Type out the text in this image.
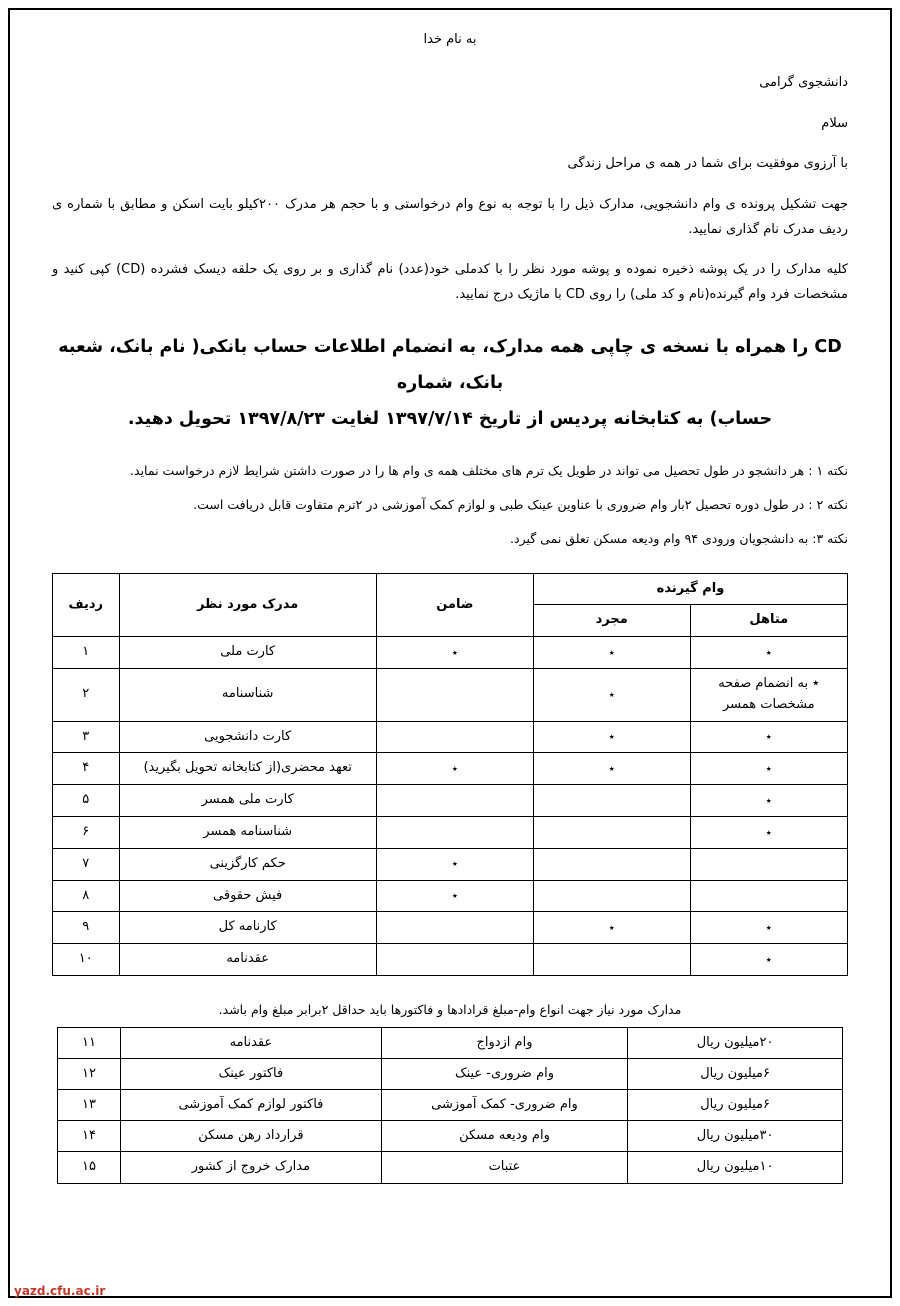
به نام خدا

دانشجوی گرامی

سلام

با آرزوی موفقیت برای شما در همه ی مراحل زندگی

جهت تشکیل پرونده ی وام دانشجویی، مدارک ذیل را با توجه به نوع وام درخواستی و با حجم هر مدرک ۲۰۰کیلو بایت اسکن و مطابق با شماره ی ردیف مدرک نام گذاری نمایید.

کلیه مدارک را در یک پوشه ذخیره نموده و پوشه مورد نظر را با کدملی خود(عدد) نام گذاری و بر روی یک حلقه دیسک فشرده (CD) کپی کنید و مشخصات فرد وام گیرنده(نام و کد ملی) را روی CD با ماژیک درج نمایید.

CD را همراه با نسخه ی چاپی همه مدارک، به انضمام اطلاعات حساب بانکی( نام بانک، شعبه بانک، شماره
حساب) به کتابخانه پردیس از تاریخ ۱۳۹۷/۷/۱۴ لغایت ۱۳۹۷/۸/۲۳ تحویل دهید.

نکته ۱ : هر دانشجو در طول تحصیل می تواند در طویل یک ترم های مختلف همه ی وام ها را در صورت داشتن شرایط لازم درخواست نماید.

نکته ۲ : در طول دوره تحصیل ۲بار وام ضروری با عناوین عینک طبی و لوازم کمک آموزشی در ۲ترم متفاوت قابل دریافت است.

نکته ۳: به دانشجویان ورودی ۹۴ وام ودیعه مسکن تعلق نمی گیرد.

وام گیرنده		ضامن	مدرک مورد نظر	ردیف
متاهل	مجرد			
٭	٭	٭	کارت ملی	۱
٭ به انضمام صفحه مشخصات همسر	٭		شناسنامه	۲
٭	٭		کارت دانشجویی	۳
٭	٭	٭	تعهد محضری(از کتابخانه تحویل بگیرید)	۴
٭			کارت ملی همسر	۵
٭			شناسنامه همسر	۶
		٭	حکم کارگزینی	۷
		٭	فیش حقوقی	۸
٭	٭		کارنامه کل	۹
٭			عقدنامه	۱۰
مدارک مورد نیاز جهت انواع وام-مبلغ قرادادها و فاکتورها باید حداقل ۲برابر مبلغ وام باشد.
۲۰میلیون ریال	وام ازدواج	عقدنامه	۱۱
۶میلیون ریال	وام ضروری- عینک	فاکتور عینک	۱۲
۶میلیون ریال	وام ضروری- کمک آموزشی	فاکتور لوازم کمک آموزشی	۱۳
۳۰میلیون ریال	وام ودیعه مسکن	قرارداد رهن مسکن	۱۴
۱۰میلیون ریال	عتبات	مدارک خروج از کشور	۱۵
yazd.cfu.ac.ir
